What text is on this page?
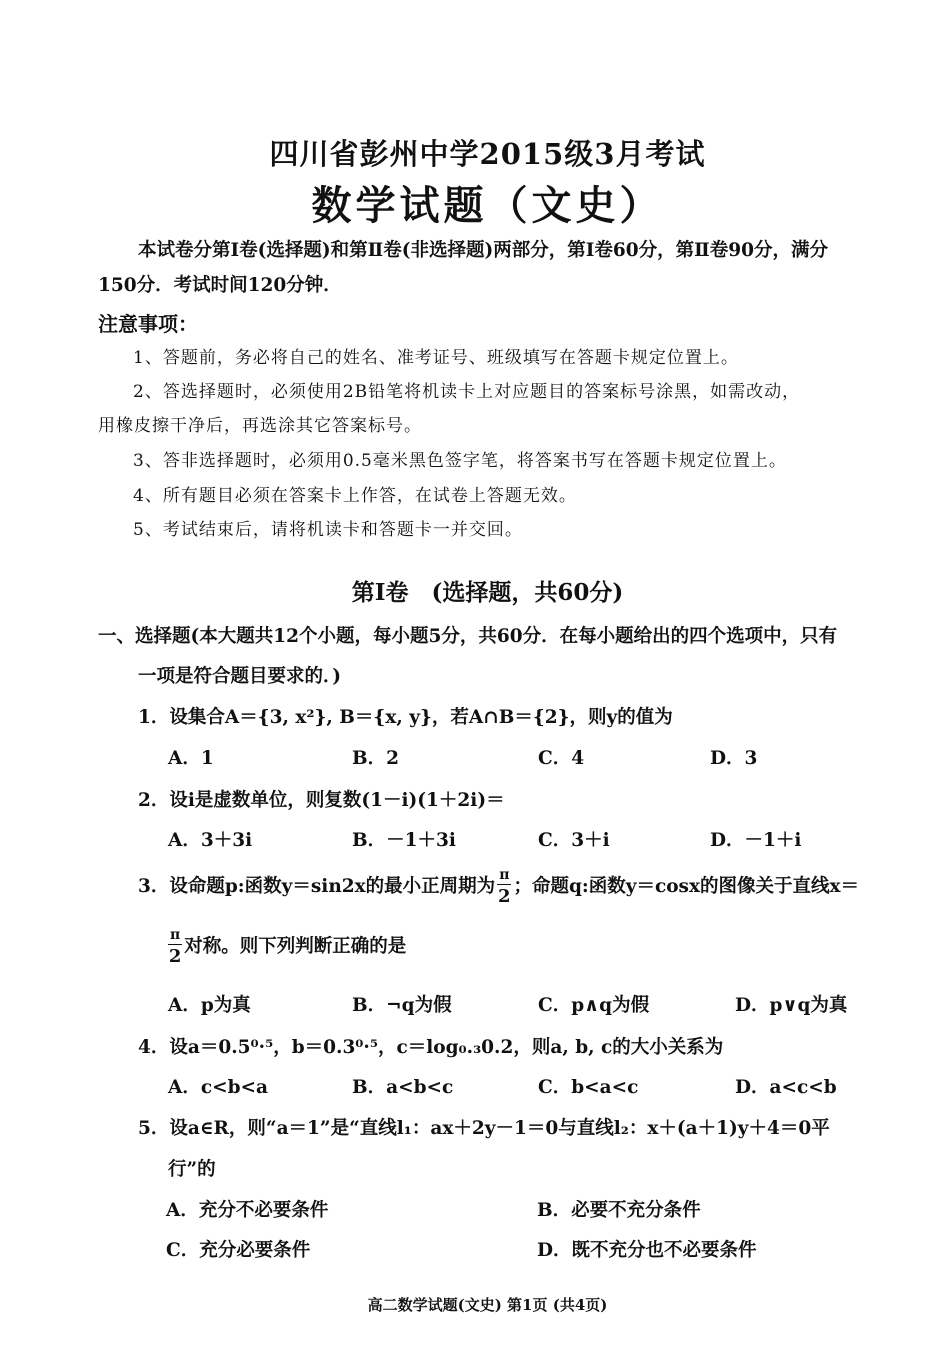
四川省彭州中学2015级3月考试
数学试题（文史）
本试卷分第Ⅰ卷(选择题)和第Ⅱ卷(非选择题)两部分，第Ⅰ卷60分，第Ⅱ卷90分，满分
150分．考试时间120分钟．
注意事项：
1、答题前，务必将自己的姓名、准考证号、班级填写在答题卡规定位置上。
2、答选择题时，必须使用2B铅笔将机读卡上对应题目的答案标号涂黑，如需改动，
用橡皮擦干净后，再选涂其它答案标号。
3、答非选择题时，必须用0.5毫米黑色签字笔，将答案书写在答题卡规定位置上。
4、所有题目必须在答案卡上作答，在试卷上答题无效。
5、考试结束后，请将机读卡和答题卡一并交回。
第Ⅰ卷　(选择题，共60分)
一、选择题(本大题共12个小题，每小题5分，共60分．在每小题给出的四个选项中，只有
一项是符合题目要求的．)
1．设集合A＝{3, x²}, B＝{x, y}，若A∩B＝{2}，则y的值为
A．1	B．2	C．4	D．3
2．设i是虚数单位，则复数(1－i)(1＋2i)＝
A．3＋3i	B．－1＋3i	C．3＋i	D．－1＋i
3．设命题p:函数y＝sin2x的最小正周期为 $\frac{\pi}{2}$ ；命题q:函数y＝cosx的图像关于直线x＝
$\frac{\pi}{2}$ 对称。则下列判断正确的是
A．p为真	B．¬q为假	C．p∧q为假	D．p∨q为真
4．设a＝0.5⁰·⁵，b＝0.3⁰·⁵，c＝log₀.₃0.2，则a, b, c的大小关系为
A．c<b<a	B．a<b<c	C．b<a<c	D．a<c<b
5．设a∈R，则“a＝1”是“直线l₁：ax＋2y－1＝0与直线l₂：x＋(a＋1)y＋4＝0平
行”的
A．充分不必要条件	B．必要不充分条件
C．充分必要条件	D．既不充分也不必要条件
高二数学试题(文史) 第1页 (共4页)
